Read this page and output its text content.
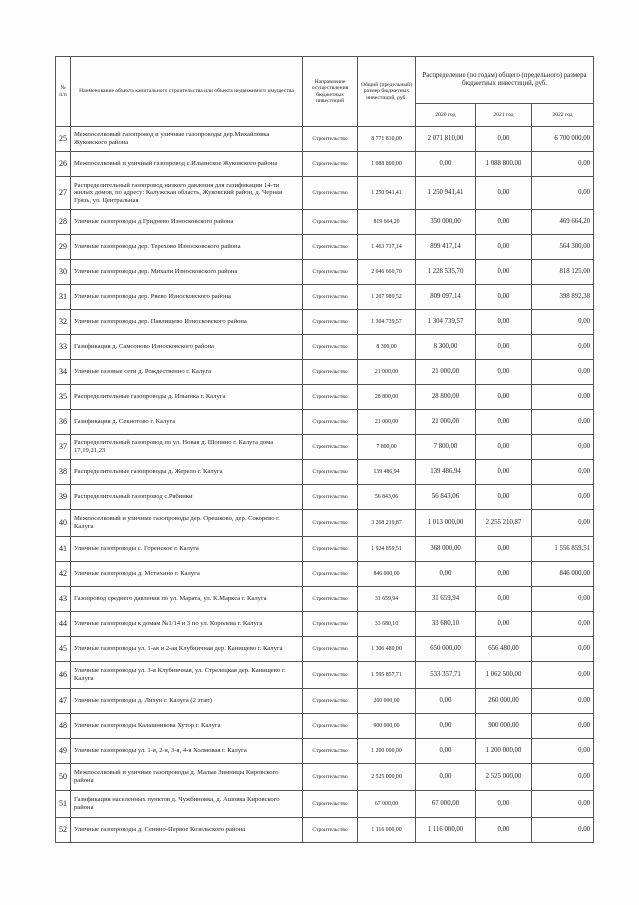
№ п/п	Наименование объекта капитального строительства или объекта недвижимого имущества	Направление осуществления бюджетных инвестиций	Общий (предельный) размер бюджетных инвестиций, руб.	Распределение (по годам) общего (предельного) размера бюджетных инвестиций, руб.		
				2020 год	2021 год	2022 год
25	Межпоселковый газопровод и уличные газопроводы дер.Михайловка Жуковского района	Строительство	8 771 810,00	2 071 810,00	0,00	6 700 000,00
26	Межпоселковый и уличный газопровод с.Ильинское Жуковского района	Строительство	1 088 800,00	0,00	1 088 800,00	0,00
27	Распределительный газопровод низкого давления для газификации 14-ти жилых домов, по адресу: Калужская область, Жуковский район, д. Черная Грязь, ул. Центральная	Строительство	1 250 941,41	1 250 941,41	0,00	0,00
28	Уличные газопроводы д.Гриднево Износковского района	Строительство	819 664,20	350 000,00	0,00	469 664,20
29	Уличные газопроводы дер. Терехово Износковского района	Строительство	1 463 717,14	899 417,14	0,00	564 300,00
30	Уличные газопроводы дер. Михали Износковского района	Строительство	2 046 660,70	1 228 535,70	0,00	818 125,00
31	Уличные газопроводы дер. Рвево Износковского района	Строительство	1 207 989,52	809 097,14	0,00	398 892,38
32	Уличные газопроводы дер. Павлищево Износковского района	Строительство	1 304 739,57	1 304 739,57	0,00	0,00
33	Газификация д. Самсоново Износковского района	Строительство	8 300,00	8 300,00	0,00	0,00
34	Уличные газовые сети д. Рождественно г. Калуга	Строительство	21 000,00	21 000,00	0,00	0,00
35	Распределительные газопроводы д. Ильинка г. Калуга	Строительство	28 800,00	28 800,00	0,00	0,00
36	Газификация д. Секиотово г. Калуга	Строительство	21 000,00	21 000,00	0,00	0,00
37	Распределительный газопровод по ул. Новая д. Шопино г. Калуга дома 17,19,21,23	Строительство	7 800,00	7 800,00	0,00	0,00
38	Распределительные газопроводы д. Жерело г. Калуга	Строительство	139 486,94	139 486,94	0,00	0,00
39	Распределительный газопровод с.Рябинки	Строительство	56 843,06	56 843,06	0,00	0,00
40	Межпоселковый и уличные газопроводы дер. Орешково, дер. Сокорево г. Калуга	Строительство	3 268 210,87	1 013 000,00	2 255 210,87	0,00
41	Уличные газопроводы с. Горенское г. Калуга	Строительство	1 924 859,51	368 000,00	0,00	1 556 859,51
42	Уличные газопроводы д. Мстихино г. Калуга	Строительство	846 000,00	0,00	0,00	846 000,00
43	Газопровод среднего давления по ул. Марата, ул. К.Маркса г. Калуга	Строительство	31 659,94	31 659,94	0,00	0,00
44	Уличные газопроводы к домам №1/14 и 3 по ул. Королева г. Калуга	Строительство	33 680,10	33 680,10	0,00	0,00
45	Уличные газопроводы ул. 1-ая и 2-ая Клубничная дер. Канищево г. Калуга	Строительство	1 306 480,00	650 000,00	656 480,00	0,00
46	Уличные газопроводы ул. 3-я Клубничная, ул. Стрелецкая дер. Канищево г. Калуга	Строительство	1 595 857,71	533 357,71	1 062 500,00	0,00
47	Уличные газопроводы д. Лихун г. Калуга (2 этап)	Строительство	260 000,00	0,00	260 000,00	0,00
48	Уличные газопроводы Калашникова Хутор г. Калуга	Строительство	900 000,00	0,00	900 000,00	0,00
49	Уличные газопроводы ул. 1-я, 2-я, 3-я, 4-я Холмовая г. Калуга	Строительство	1 200 000,00	0,00	1 200 000,00	0,00
50	Межпоселковый и уличные газопроводы д. Малые Зимницы Кировского района	Строительство	2 525 000,00	0,00	2 525 000,00	0,00
51	Газификация населенных пунктов д. Чужбиновка, д. Ашовка Кировского района	Строительство	67 000,00	67 000,00	0,00	0,00
52	Уличные газопроводы д. Сенино-Первое Козельского района	Строительство	1 116 000,00	1 116 000,00	0,00	0,00
